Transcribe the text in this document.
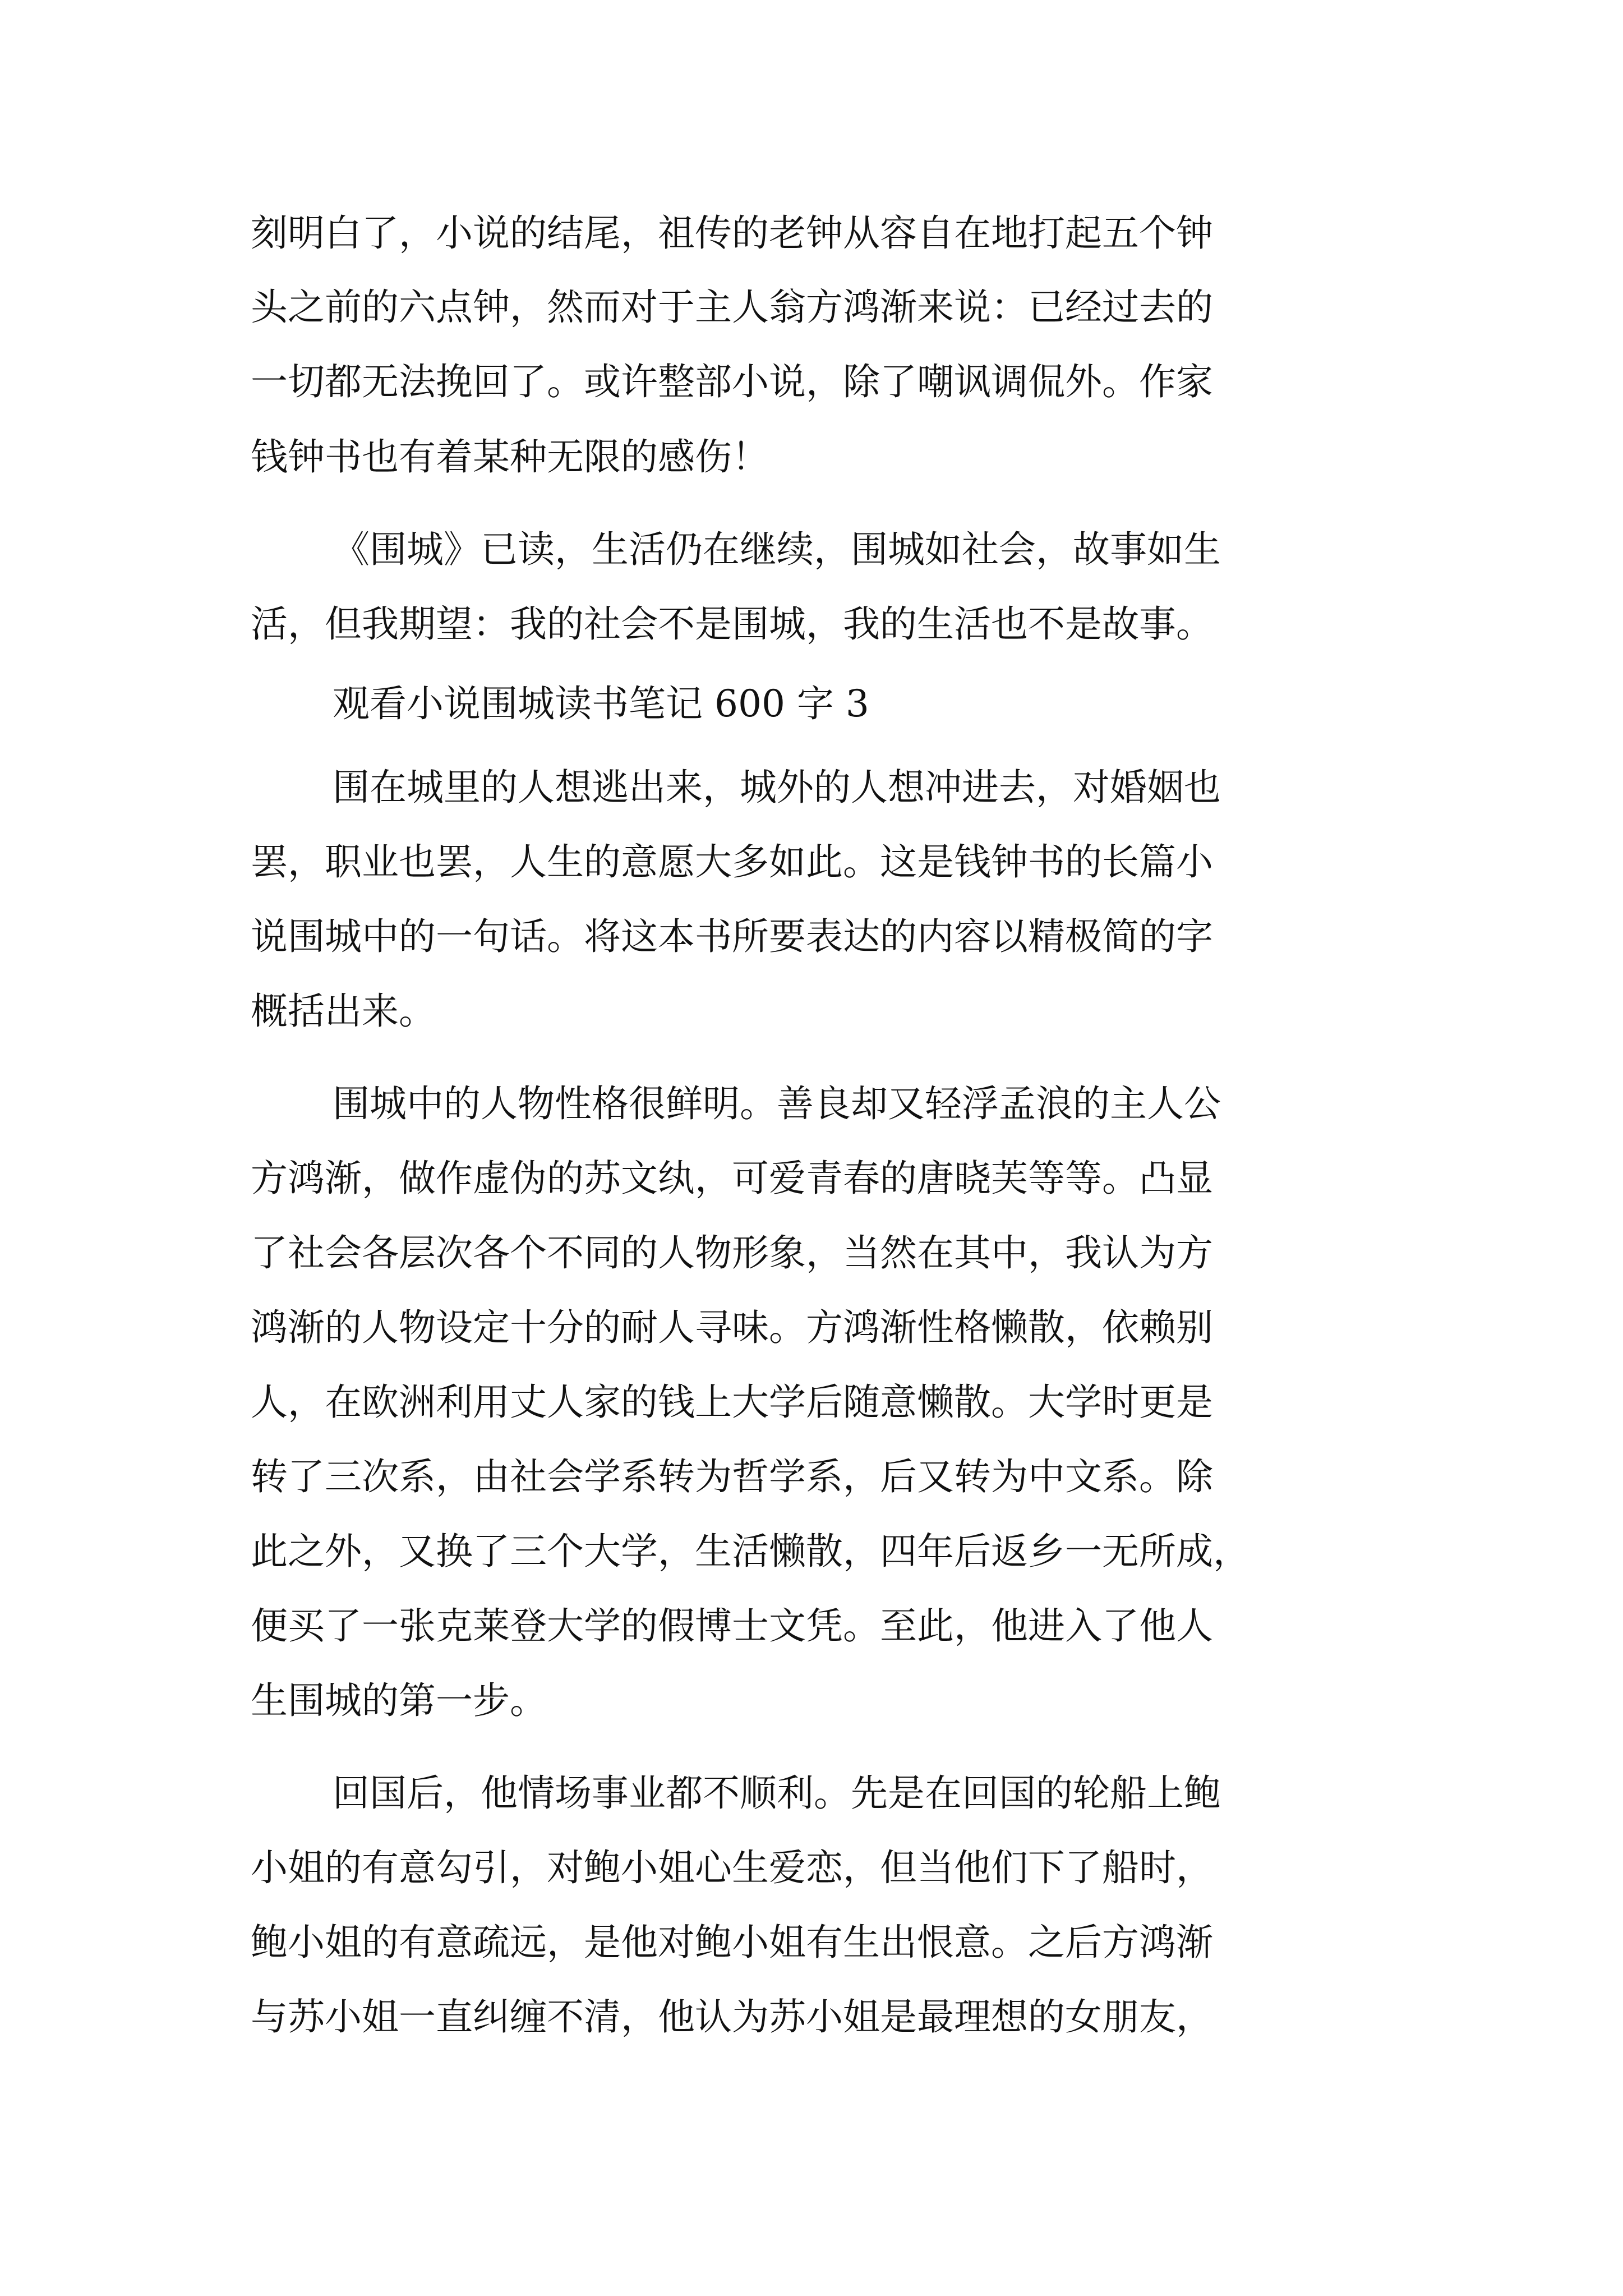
刻明白了，小说的结尾，祖传的老钟从容自在地打起五个钟
头之前的六点钟，然而对于主人翁方鸿渐来说：已经过去的
一切都无法挽回了。或许整部小说，除了嘲讽调侃外。作家
钱钟书也有着某种无限的感伤！
《围城》已读，生活仍在继续，围城如社会，故事如生
活，但我期望：我的社会不是围城，我的生活也不是故事。
观看小说围城读书笔记 600 字 3
围在城里的人想逃出来，城外的人想冲进去，对婚姻也
罢，职业也罢，人生的意愿大多如此。这是钱钟书的长篇小
说围城中的一句话。将这本书所要表达的内容以精极简的字
概括出来。
围城中的人物性格很鲜明。善良却又轻浮孟浪的主人公
方鸿渐，做作虚伪的苏文纨，可爱青春的唐晓芙等等。凸显
了社会各层次各个不同的人物形象，当然在其中，我认为方
鸿渐的人物设定十分的耐人寻味。方鸿渐性格懒散，依赖别
人，在欧洲利用丈人家的钱上大学后随意懒散。大学时更是
转了三次系，由社会学系转为哲学系，后又转为中文系。除
此之外，又换了三个大学，生活懒散，四年后返乡一无所成，
便买了一张克莱登大学的假博士文凭。至此，他进入了他人
生围城的第一步。
回国后，他情场事业都不顺利。先是在回国的轮船上鲍
小姐的有意勾引，对鲍小姐心生爱恋，但当他们下了船时，
鲍小姐的有意疏远，是他对鲍小姐有生出恨意。之后方鸿渐
与苏小姐一直纠缠不清，他认为苏小姐是最理想的女朋友，
